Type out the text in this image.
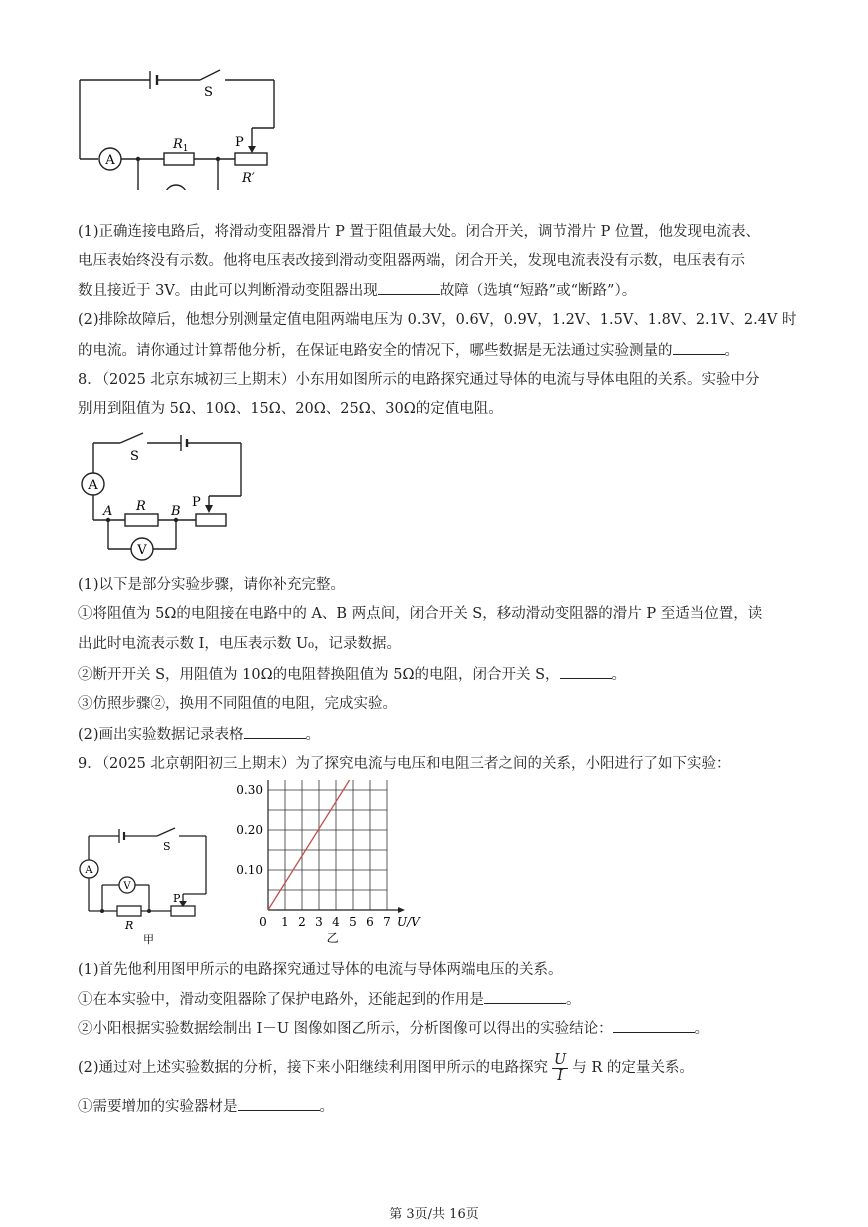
A
S
$R_1$	P
R′
(1)正确连接电路后，将滑动变阻器滑片 P 置于阻值最大处。闭合开关，调节滑片 P 位置，他发现电流表、
电压表始终没有示数。他将电压表改接到滑动变阻器两端，闭合开关，发现电流表没有示数，电压表有示
数且接近于 3V。由此可以判断滑动变阻器出现	故障（选填“短路”或“断路”）。
(2)排除故障后，他想分别测量定值电阻两端电压为 0.3V，0.6V，0.9V，1.2V、1.5V、1.8V、2.1V、2.4V 时
的电流。请你通过计算帮他分析，在保证电路安全的情况下，哪些数据是无法通过实验测量的	。
8．（2025 北京东城初三上期末）小东用如图所示的电路探究通过导体的电流与导体电阻的关系。实验中分
别用到阻值为 5Ω、10Ω、15Ω、20Ω、25Ω、30Ω的定值电阻。
A
V
S
A R B
P
(1)以下是部分实验步骤，请你补充完整。
①将阻值为 5Ω的电阻接在电路中的 A、B 两点间，闭合开关 S，移动滑动变阻器的滑片 P 至适当位置，读
出此时电流表示数 I，电压表示数 U₀，记录数据。
②断开开关 S，用阻值为 10Ω的电阻替换阻值为 5Ω的电阻，闭合开关 S，	。
③仿照步骤②，换用不同阻值的电阻，完成实验。
(2)画出实验数据记录表格	。
9．（2025 北京朝阳初三上期末）为了探究电流与电压和电阻三者之间的关系，小阳进行了如下实验：
A
V
S
P
R
甲
0 1 2 3 4 5 6 7
0.10
0.20
0.30
U/V
乙
(1)首先他利用图甲所示的电路探究通过导体的电流与导体两端电压的关系。
①在本实验中，滑动变阻器除了保护电路外，还能起到的作用是	。
②小阳根据实验数据绘制出 I－U 图像如图乙所示，分析图像可以得出的实验结论：	。
(2)通过对上述实验数据的分析，接下来小阳继续利用图甲所示的电路探究 $\frac{U}{I}$ 与 R 的定量关系。
①需要增加的实验器材是	。
第 3页/共 16页
